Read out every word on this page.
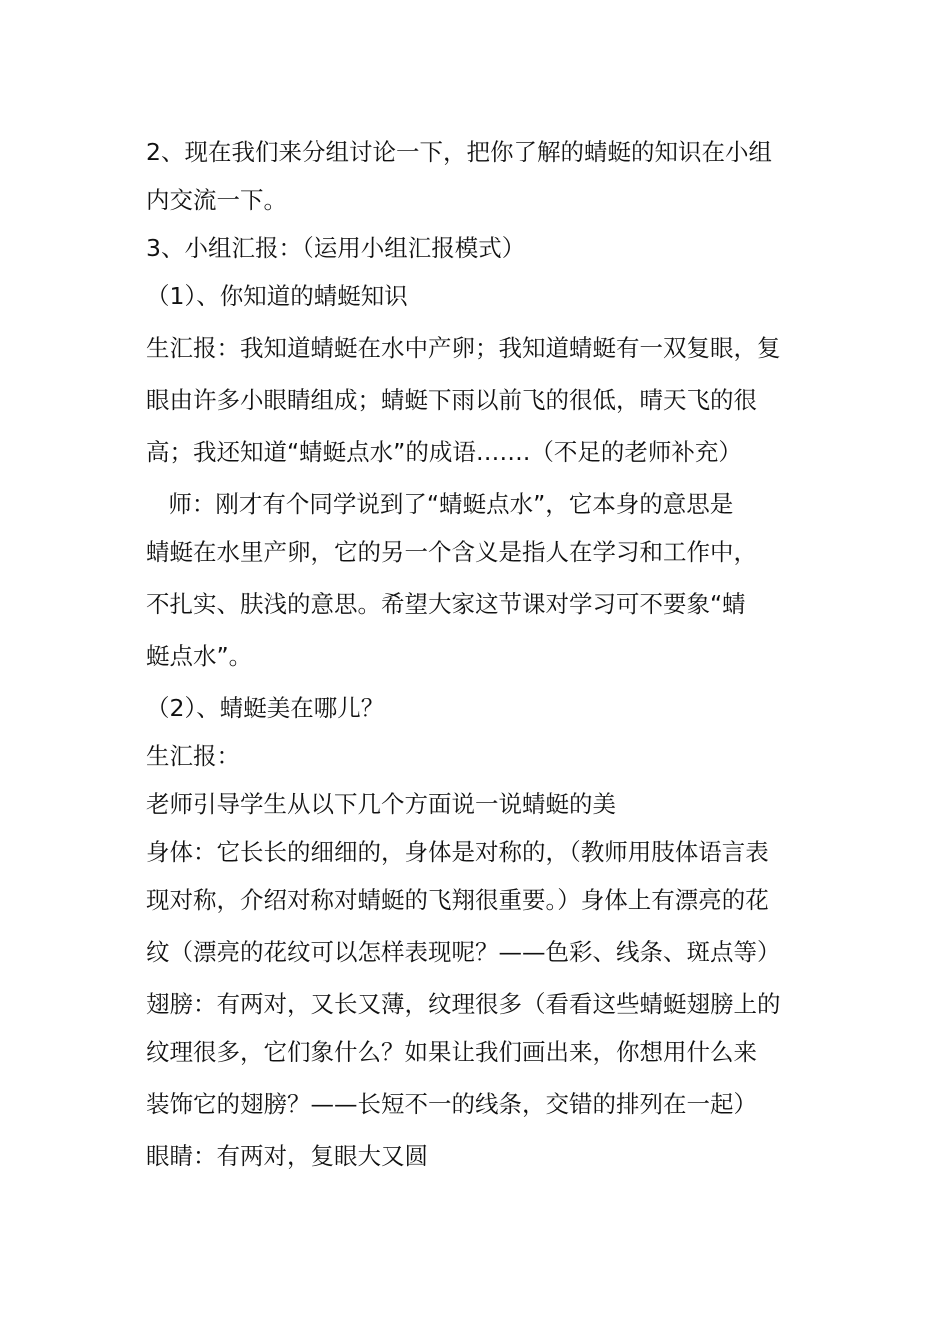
2、现在我们来分组讨论一下，把你了解的蜻蜓的知识在小组
内交流一下。
3、小组汇报：（运用小组汇报模式）
（1）、你知道的蜻蜓知识
生汇报：我知道蜻蜓在水中产卵；我知道蜻蜓有一双复眼，复
眼由许多小眼睛组成；蜻蜓下雨以前飞的很低，晴天飞的很
高；我还知道“蜻蜓点水”的成语…….（不足的老师补充）
师：刚才有个同学说到了“蜻蜓点水”，它本身的意思是
蜻蜓在水里产卵，它的另一个含义是指人在学习和工作中，
不扎实、肤浅的意思。希望大家这节课对学习可不要象“蜻
蜓点水”。
（2）、蜻蜓美在哪儿？
生汇报：
老师引导学生从以下几个方面说一说蜻蜓的美
身体：它长长的细细的，身体是对称的，（教师用肢体语言表
现对称，介绍对称对蜻蜓的飞翔很重要。）身体上有漂亮的花
纹（漂亮的花纹可以怎样表现呢？——色彩、线条、斑点等）
翅膀：有两对，又长又薄，纹理很多（看看这些蜻蜓翅膀上的
纹理很多，它们象什么？如果让我们画出来，你想用什么来
装饰它的翅膀？——长短不一的线条，交错的排列在一起）
眼睛：有两对，复眼大又圆
